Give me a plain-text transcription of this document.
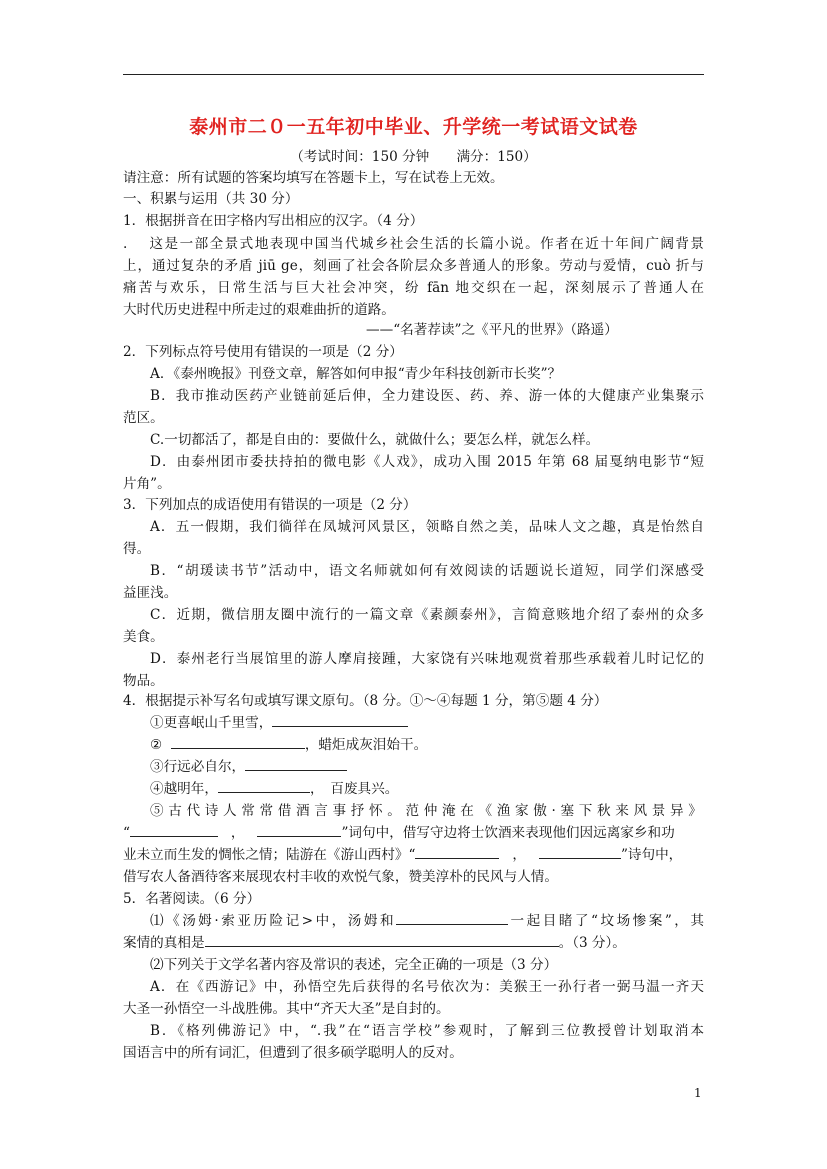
泰州市二０一五年初中毕业、升学统一考试语文试卷
（考试时间：150 分钟　　满分：150）
请注意：所有试题的答案均填写在答题卡上，写在试卷上无效。
一、积累与运用（共 30 分）
1．根据拼音在田字格内写出相应的汉字。（4 分）
.　 这是一部全景式地表现中国当代城乡社会生活的长篇小说。作者在近十年间广阔背景
上，通过复杂的矛盾 jiū ge，刻画了社会各阶层众多普通人的形象。劳动与爱情，cuò 折与
痛苦与欢乐，日常生活与巨大社会冲突，纷 fān 地交织在一起，深刻展示了普通人在
大时代历史进程中所走过的艰难曲折的道路。
——“名著荐读”之《平凡的世界》（路遥）
2．下列标点符号使用有错误的一项是（2 分）
A．《泰州晚报》刊登文章，解答如何申报“青少年科技创新市长奖”？
B．我市推动医药产业链前延后伸，全力建设医、药、养、游一体的大健康产业集聚示
范区。
C.一切都活了，都是自由的：要做什么，就做什么；要怎么样，就怎么样。
D．由泰州团市委扶持拍的微电影《人戏》，成功入围 2015 年第 68 届戛纳电影节“短
片角”。
3．下列加点的成语使用有错误的一项是（2 分）
A．五一假期，我们徜徉在凤城河风景区，领略自然之美，品味人文之趣，真是怡然自
得。
B．“胡瑗读书节”活动中，语文名师就如何有效阅读的话题说长道短，同学们深感受
益匪浅。
C．近期，微信朋友圈中流行的一篇文章《素颜泰州》，言简意赅地介绍了泰州的众多
美食。
D．泰州老行当展馆里的游人摩肩接踵，大家饶有兴味地观赏着那些承载着儿时记忆的
物品。
4．根据提示补写名句或填写课文原句。（8 分。①～④每题 1 分，第⑤题 4 分）
①更喜岷山千里雪，
②	，蜡炬成灰泪始干。
③行远必自尔，
④越明年，	，　百废具兴。
⑤古代诗人常常借酒言事抒怀。范仲淹在《渔家傲·塞下秋来风景异》
“	，	”词句中，借写守边将士饮酒来表现他们因远离家乡和功
业未立而生发的惆怅之情；陆游在《游山西村》“	，	”诗句中，
借写农人备酒待客来展现农村丰收的欢悦气象，赞美淳朴的民风与人情。
5．名著阅读。（6 分）
⑴《汤姆·索亚历险记>中，汤姆和	一起目睹了“坟场惨案”，其
案情的真相是	。（3 分）。
⑵下列关于文学名著内容及常识的表述，完全正确的一项是（3 分）
A．在《西游记》中，孙悟空先后获得的名号依次为：美猴王一孙行者一弼马温一齐天
大圣一孙悟空一斗战胜佛。其中“齐天大圣”是自封的。
B．《格列佛游记》中，“.我”在“语言学校”参观时，了解到三位教授曾计划取消本
国语言中的所有词汇，但遭到了很多硕学聪明人的反对。
1
